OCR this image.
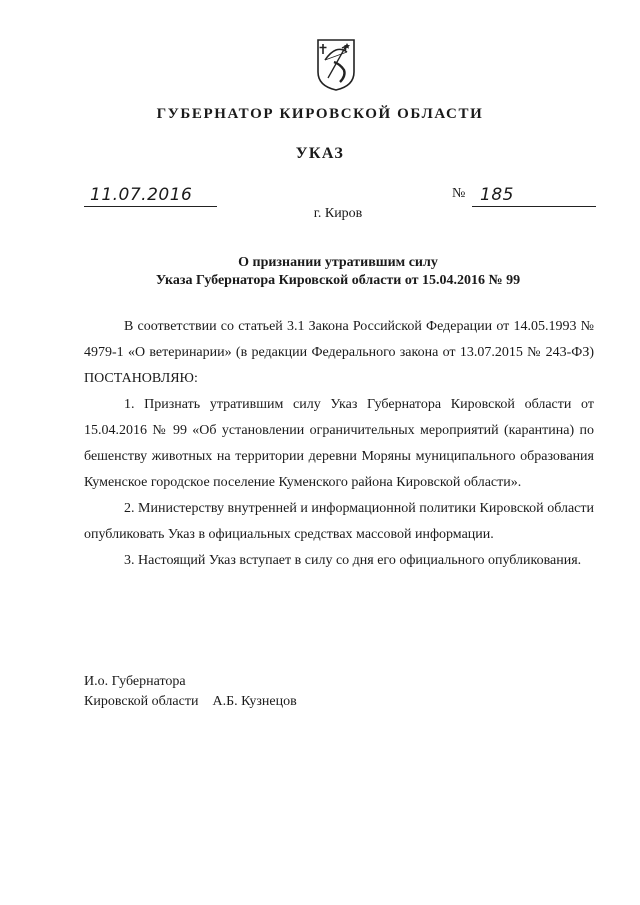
ГУБЕРНАТОР КИРОВСКОЙ ОБЛАСТИ
УКАЗ
11.07.2016	№ 185
г. Киров
О признании утратившим силу
Указа Губернатора Кировской области от 15.04.2016 № 99

В соответствии со статьей 3.1 Закона Российской Федерации от 14.05.1993 № 4979-1 «О ветеринарии» (в редакции Федерального закона от 13.07.2015 № 243-ФЗ) ПОСТАНОВЛЯЮ:

1. Признать утратившим силу Указ Губернатора Кировской области от 15.04.2016 № 99 «Об установлении ограничительных мероприятий (карантина) по бешенству животных на территории деревни Моряны муниципального образования Куменское городское поселение Куменского района Кировской области».

2. Министерству внутренней и информационной политики Кировской области опубликовать Указ в официальных средствах массовой информации.

3. Настоящий Указ вступает в силу со дня его официального опубликования.

И.о. Губернатора
Кировской области А.Б. Кузнецов
